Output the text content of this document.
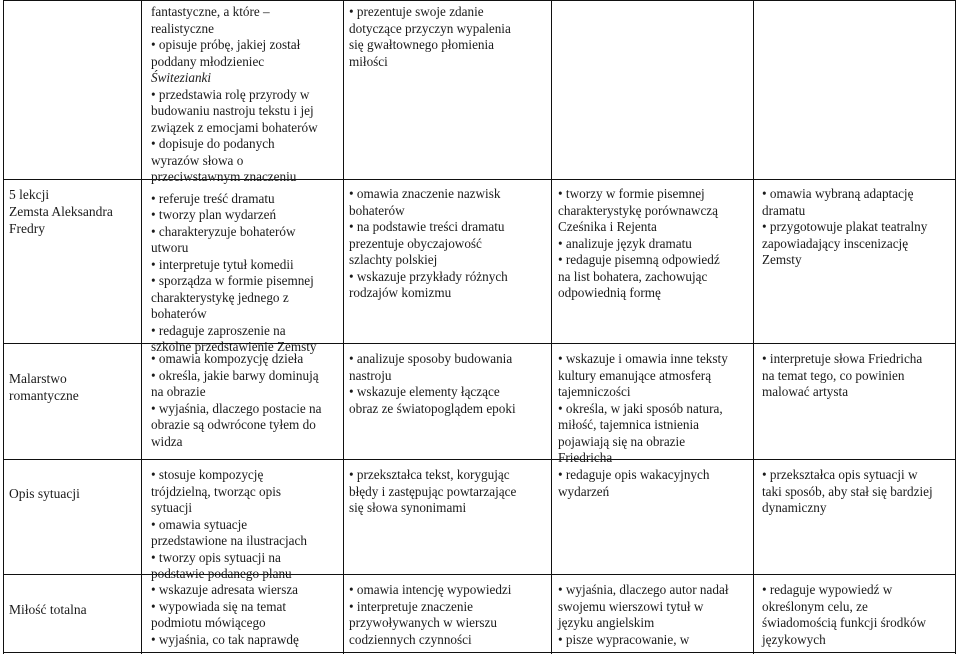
5 lekcji
Zemsta Aleksandra
Fredry
fantastyczne, a które –
realistyczne
• opisuje próbę, jakiej został
poddany młodzieniec
Świtezianki
• przedstawia rolę przyrody w
budowaniu nastroju tekstu i jej
związek z emocjami bohaterów
• dopisuje do podanych
wyrazów słowa o
przeciwstawnym znaczeniu
• referuje treść dramatu
• tworzy plan wydarzeń
• charakteryzuje bohaterów
utworu
• interpretuje tytuł komedii
• sporządza w formie pisemnej
charakterystykę jednego z
bohaterów
• redaguje zaproszenie na
szkolne przedstawienie Zemsty
• prezentuje swoje zdanie
dotyczące przyczyn wypalenia
się gwałtownego płomienia
miłości
• omawia znaczenie nazwisk
bohaterów
• na podstawie treści dramatu
prezentuje obyczajowość
szlachty polskiej
• wskazuje przykłady różnych
rodzajów komizmu
• tworzy w formie pisemnej
charakterystykę porównawczą
Cześnika i Rejenta
• analizuje język dramatu
• redaguje pisemną odpowiedź
na list bohatera, zachowując
odpowiednią formę
• omawia wybraną adaptację
dramatu
• przygotowuje plakat teatralny
zapowiadający inscenizację
Zemsty
Malarstwo
romantyczne
• omawia kompozycję dzieła
• określa, jakie barwy dominują
na obrazie
• wyjaśnia, dlaczego postacie na
obrazie są odwrócone tyłem do
widza
• analizuje sposoby budowania
nastroju
• wskazuje elementy łączące
obraz ze światopoglądem epoki
• wskazuje i omawia inne teksty
kultury emanujące atmosferą
tajemniczości
• określa, w jaki sposób natura,
miłość, tajemnica istnienia
pojawiają się na obrazie
Friedricha
• interpretuje słowa Friedricha
na temat tego, co powinien
malować artysta
Opis sytuacji
• stosuje kompozycję
trójdzielną, tworząc opis
sytuacji
• omawia sytuacje
przedstawione na ilustracjach
• tworzy opis sytuacji na
podstawie podanego planu
• przekształca tekst, korygując
błędy i zastępując powtarzające
się słowa synonimami
• redaguje opis wakacyjnych
wydarzeń
• przekształca opis sytuacji w
taki sposób, aby stał się bardziej
dynamiczny
Miłość totalna
• wskazuje adresata wiersza
• wypowiada się na temat
podmiotu mówiącego
• wyjaśnia, co tak naprawdę
• omawia intencję wypowiedzi
• interpretuje znaczenie
przywoływanych w wierszu
codziennych czynności
• wyjaśnia, dlaczego autor nadał
swojemu wierszowi tytuł w
języku angielskim
• pisze wypracowanie, w
• redaguje wypowiedź w
określonym celu, ze
świadomością funkcji środków
językowych
